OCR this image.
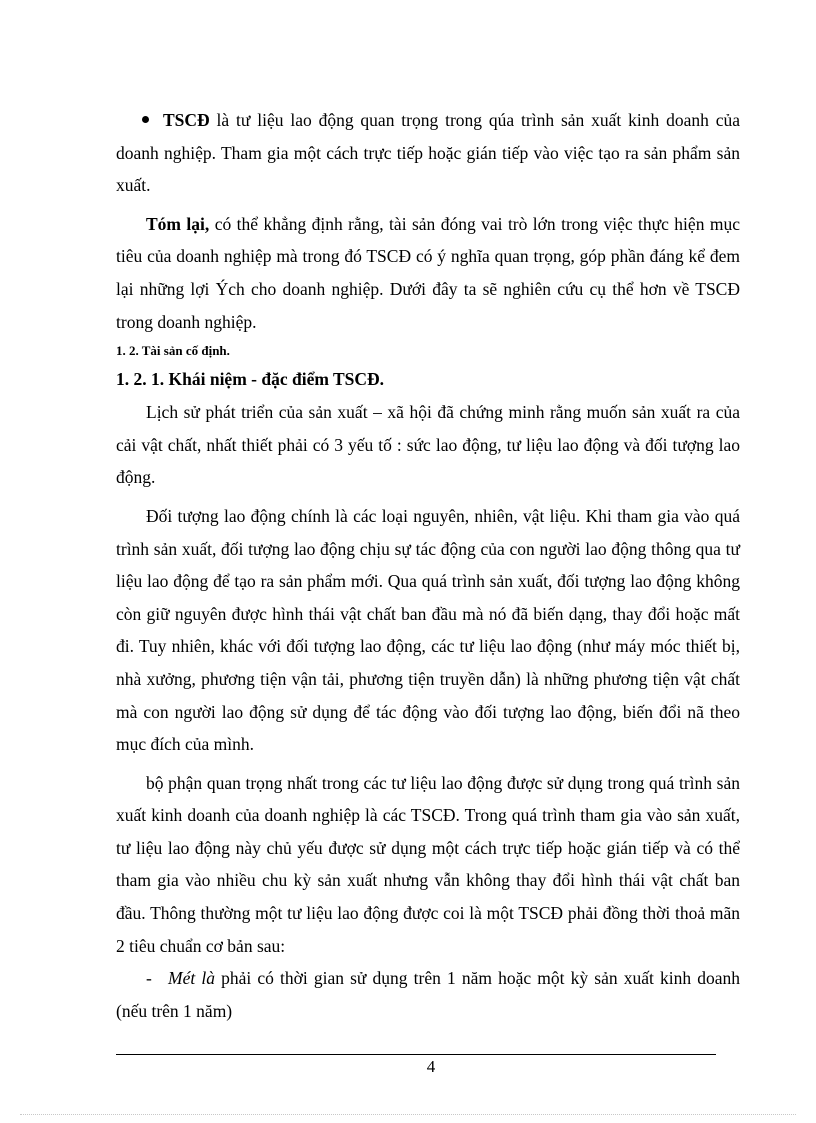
TSCĐ là tư liệu lao động quan trọng trong qúa trình sản xuất kinh doanh của doanh nghiệp. Tham gia một cách trực tiếp hoặc gián tiếp vào việc tạo ra sản phẩm sản xuất.

Tóm lại, có thể khẳng định rằng, tài sản đóng vai trò lớn trong việc thực hiện mục tiêu của doanh nghiệp mà trong đó TSCĐ có ý nghĩa quan trọng, góp phần đáng kể đem lại những lợi Ých cho doanh nghiệp. Dưới đây ta sẽ nghiên cứu cụ thể hơn về TSCĐ trong doanh nghiệp.

1. 2. Tài sản cố định.

1. 2. 1. Khái niệm - đặc điểm TSCĐ.

Lịch sử phát triển của sản xuất – xã hội đã chứng minh rằng muốn sản xuất ra của cải vật chất, nhất thiết phải có 3 yếu tố : sức lao động, tư liệu lao động và đối tượng lao động.

Đối tượng lao động chính là các loại nguyên, nhiên, vật liệu. Khi tham gia vào quá trình sản xuất, đối tượng lao động chịu sự tác động của con người lao động thông qua tư liệu lao động để tạo ra sản phẩm mới. Qua quá trình sản xuất, đối tượng lao động không còn giữ nguyên được hình thái vật chất ban đầu mà nó đã biến dạng, thay đổi hoặc mất đi. Tuy nhiên, khác với đối tượng lao động, các tư liệu lao động (như máy móc thiết bị, nhà xưởng, phương tiện vận tải, phương tiện truyền dẫn) là những phương tiện vật chất mà con người lao động sử dụng để tác động vào đối tượng lao động, biến đổi nã theo mục đích của mình.

bộ phận quan trọng nhất trong các tư liệu lao động được sử dụng trong quá trình sản xuất kinh doanh của doanh nghiệp là các TSCĐ. Trong quá trình tham gia vào sản xuất, tư liệu lao động này chủ yếu được sử dụng một cách trực tiếp hoặc gián tiếp và có thể tham gia vào nhiều chu kỳ sản xuất nhưng vẫn không thay đổi hình thái vật chất ban đầu. Thông thường một tư liệu lao động được coi là một TSCĐ phải đồng thời thoả mãn 2 tiêu chuẩn cơ bản sau:

- Mét là phải có thời gian sử dụng trên 1 năm hoặc một kỳ sản xuất kinh doanh (nếu trên 1 năm)

4
